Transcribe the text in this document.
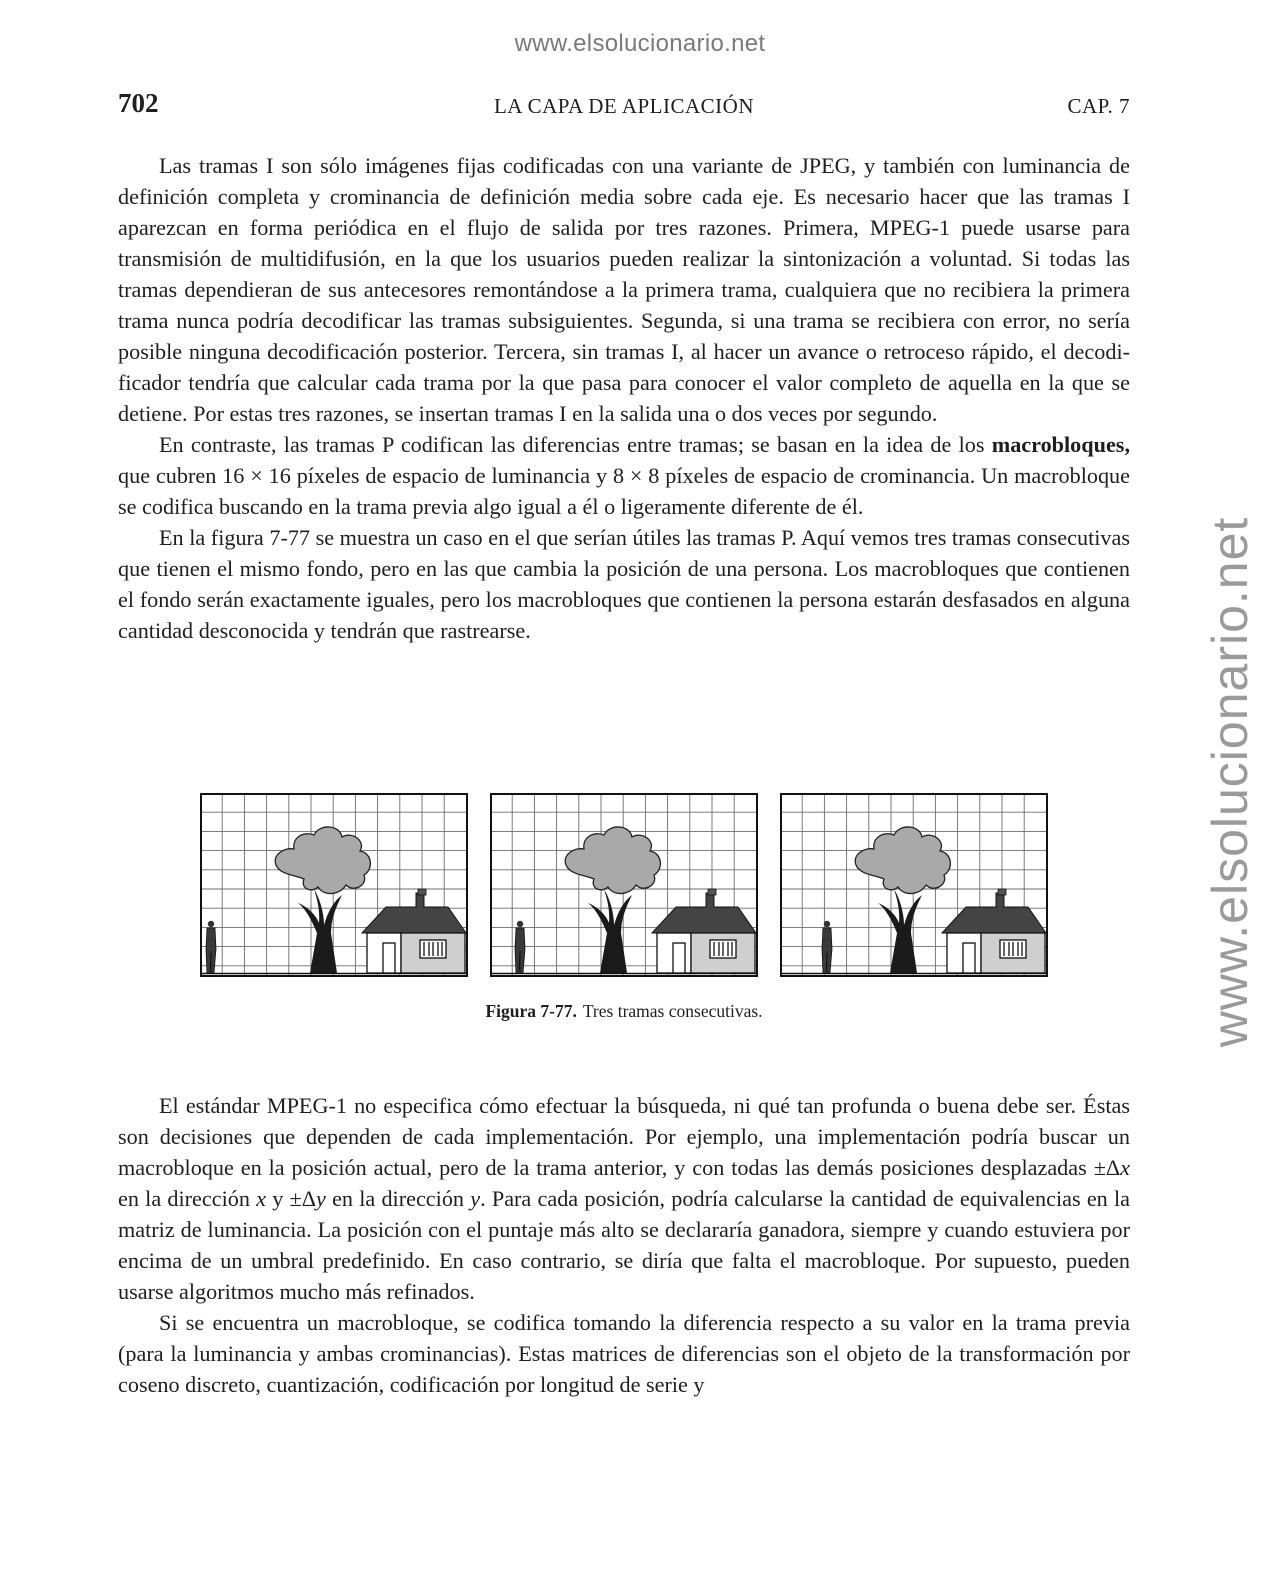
www.elsolucionario.net
www.elsolucionario.net
702	LA CAPA DE APLICACIÓN	CAP. 7

Las tramas I son sólo imágenes fijas codificadas con una variante de JPEG, y también con luminancia de definición completa y crominancia de definición media sobre cada eje. Es necesario hacer que las tramas I aparezcan en forma periódica en el flujo de salida por tres razones. Primera, MPEG-1 puede usarse para transmisión de multidifusión, en la que los usuarios pueden realizar la sintonización a voluntad. Si todas las tramas dependieran de sus antecesores remontándose a la primera trama, cualquiera que no recibiera la primera trama nunca podría decodificar las tramas subsiguientes. Segunda, si una trama se recibiera con error, no sería posible ninguna decodificación posterior. Tercera, sin tramas I, al hacer un avance o retroceso rápido, el decodificador tendría que calcular cada trama por la que pasa para conocer el valor completo de aquella en la que se detiene. Por estas tres razones, se insertan tramas I en la salida una o dos veces por segundo.

En contraste, las tramas P codifican las diferencias entre tramas; se basan en la idea de los macrobloques, que cubren 16 × 16 píxeles de espacio de luminancia y 8 × 8 píxeles de espacio de crominancia. Un macrobloque se codifica buscando en la trama previa algo igual a él o ligeramente diferente de él.

En la figura 7-77 se muestra un caso en el que serían útiles las tramas P. Aquí vemos tres tramas consecutivas que tienen el mismo fondo, pero en las que cambia la posición de una persona. Los macrobloques que contienen el fondo serán exactamente iguales, pero los macrobloques que contienen la persona estarán desfasados en alguna cantidad desconocida y tendrán que rastrearse.

Figura 7-77. Tres tramas consecutivas.

El estándar MPEG-1 no especifica cómo efectuar la búsqueda, ni qué tan profunda o buena debe ser. Éstas son decisiones que dependen de cada implementación. Por ejemplo, una implementación podría buscar un macrobloque en la posición actual, pero de la trama anterior, y con todas las demás posiciones desplazadas ±Δx en la dirección x y ±Δy en la dirección y. Para cada posición, podría calcularse la cantidad de equivalencias en la matriz de luminancia. La posición con el puntaje más alto se declararía ganadora, siempre y cuando estuviera por encima de un umbral predefinido. En caso contrario, se diría que falta el macrobloque. Por supuesto, pueden usarse algoritmos mucho más refinados.

Si se encuentra un macrobloque, se codifica tomando la diferencia respecto a su valor en la trama previa (para la luminancia y ambas crominancias). Estas matrices de diferencias son el objeto de la transformación por coseno discreto, cuantización, codificación por longitud de serie y
